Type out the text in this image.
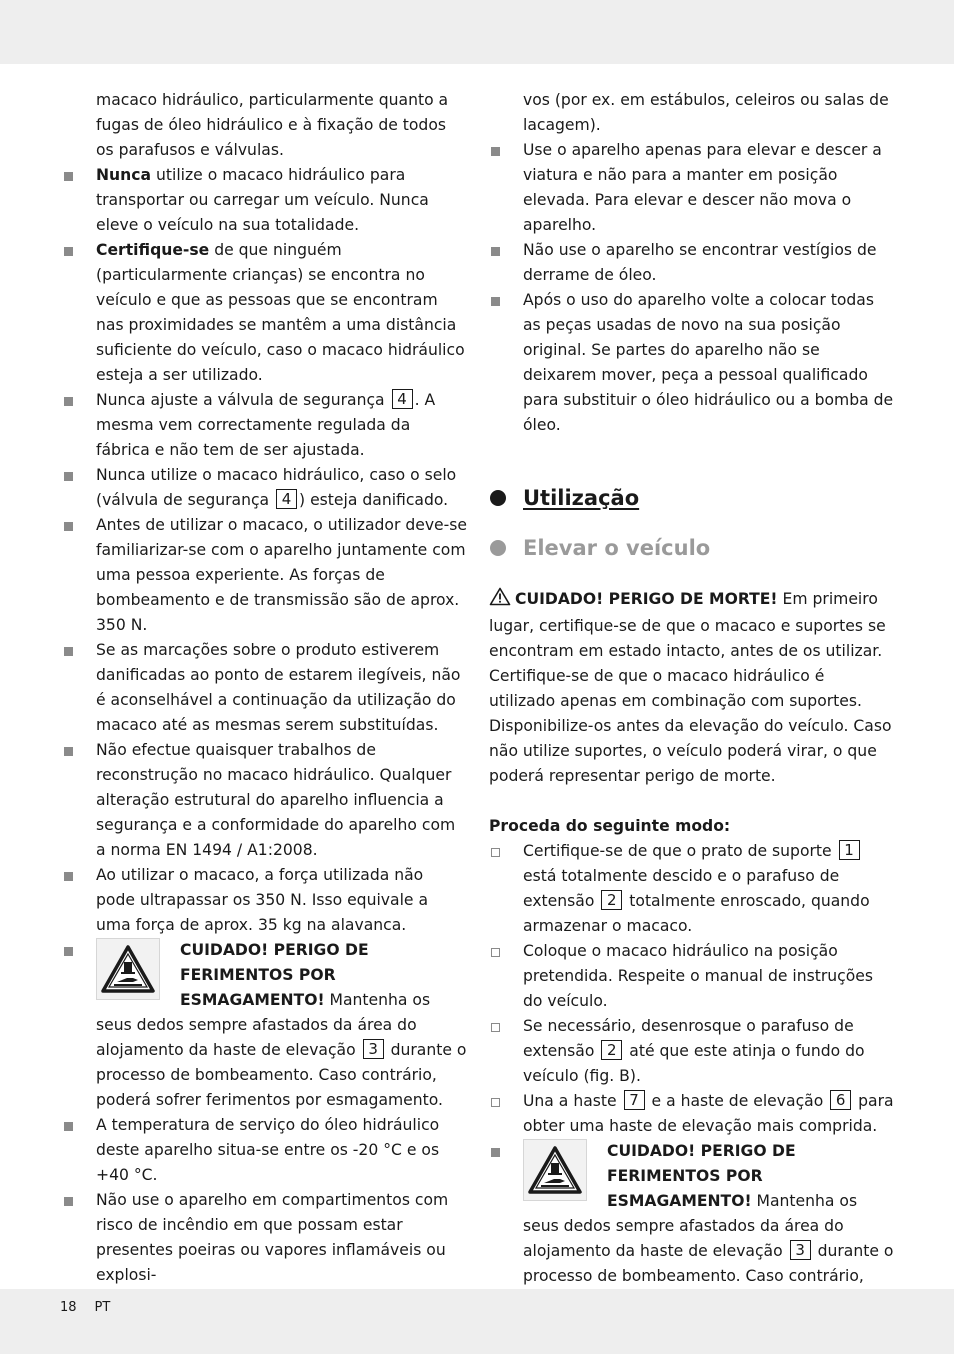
macaco hidráulico, particularmente quanto a fugas de óleo hidráulico e à fixação de todos os parafusos e válvulas.

Nunca utilize o macaco hidráulico para transportar ou carregar um veículo. Nunca eleve o veículo na sua totalidade.
Certifique-se de que ninguém (particularmente crianças) se encontra no veículo e que as pessoas que se encontram nas proximidades se mantêm a uma distância suficiente do veículo, caso o macaco hidráulico esteja a ser utilizado.
Nunca ajuste a válvula de segurança 4 . A mesma vem correctamente regulada da fábrica e não tem de ser ajustada.
Nunca utilize o macaco hidráulico, caso o selo (válvula de segurança 4 ) esteja danificado.
Antes de utilizar o macaco, o utilizador deve-se familiarizar-se com o aparelho juntamente com uma pessoa experiente. As forças de bombeamento e de transmissão são de aprox. 350 N.
Se as marcações sobre o produto estiverem danificadas ao ponto de estarem ilegíveis, não é aconselhável a continuação da utilização do macaco até as mesmas serem substituídas.
Não efectue quaisquer trabalhos de reconstrução no macaco hidráulico. Qualquer alteração estrutural do aparelho influencia a segurança e a conformidade do aparelho com a norma EN 1494 / A1:2008.
Ao utilizar o macaco, a força utilizada não pode ultrapassar os 350 N. Isso equivale a uma força de aprox. 35 kg na alavanca.
CUIDADO! PERIGO DE FERIMENTOS POR ESMAGAMENTO! Mantenha os seus dedos sempre afastados da área do alojamento da haste de elevação 3 durante o processo de bombeamento. Caso contrário, poderá sofrer ferimentos por esmagamento.
A temperatura de serviço do óleo hidráulico deste aparelho situa-se entre os -20 °C e os +40 °C.
Não use o aparelho em compartimentos com risco de incêndio em que possam estar presentes poeiras ou vapores inflamáveis ou explosi-

vos (por ex. em estábulos, celeiros ou salas de lacagem).

Use o aparelho apenas para elevar e descer a viatura e não para a manter em posição elevada. Para elevar e descer não mova o aparelho.
Não use o aparelho se encontrar vestígios de derrame de óleo.
Após o uso do aparelho volte a colocar todas as peças usadas de novo na sua posição original. Se partes do aparelho não se deixarem mover, peça a pessoal qualificado para substituir o óleo hidráulico ou a bomba de óleo.
Utilização
Elevar o veículo

CUIDADO! PERIGO DE MORTE! Em primeiro lugar, certifique-se de que o macaco e suportes se encontram em estado intacto, antes de os utilizar. Certifique-se de que o macaco hidráulico é utilizado apenas em combinação com suportes. Disponibilize-os antes da elevação do veículo. Caso não utilize suportes, o veículo poderá virar, o que poderá representar perigo de morte.

Proceda do seguinte modo:

Certifique-se de que o prato de suporte 1 está totalmente descido e o parafuso de extensão 2 totalmente enroscado, quando armazenar o macaco.
Coloque o macaco hidráulico na posição pretendida. Respeite o manual de instruções do veículo.
Se necessário, desenrosque o parafuso de extensão 2 até que este atinja o fundo do veículo (fig. B).
Una a haste 7 e a haste de elevação 6 para obter uma haste de elevação mais comprida.
CUIDADO! PERIGO DE FERIMENTOS POR ESMAGAMENTO! Mantenha os seus dedos sempre afastados da área do alojamento da haste de elevação 3 durante o processo de bombeamento. Caso contrário,
18 PT
